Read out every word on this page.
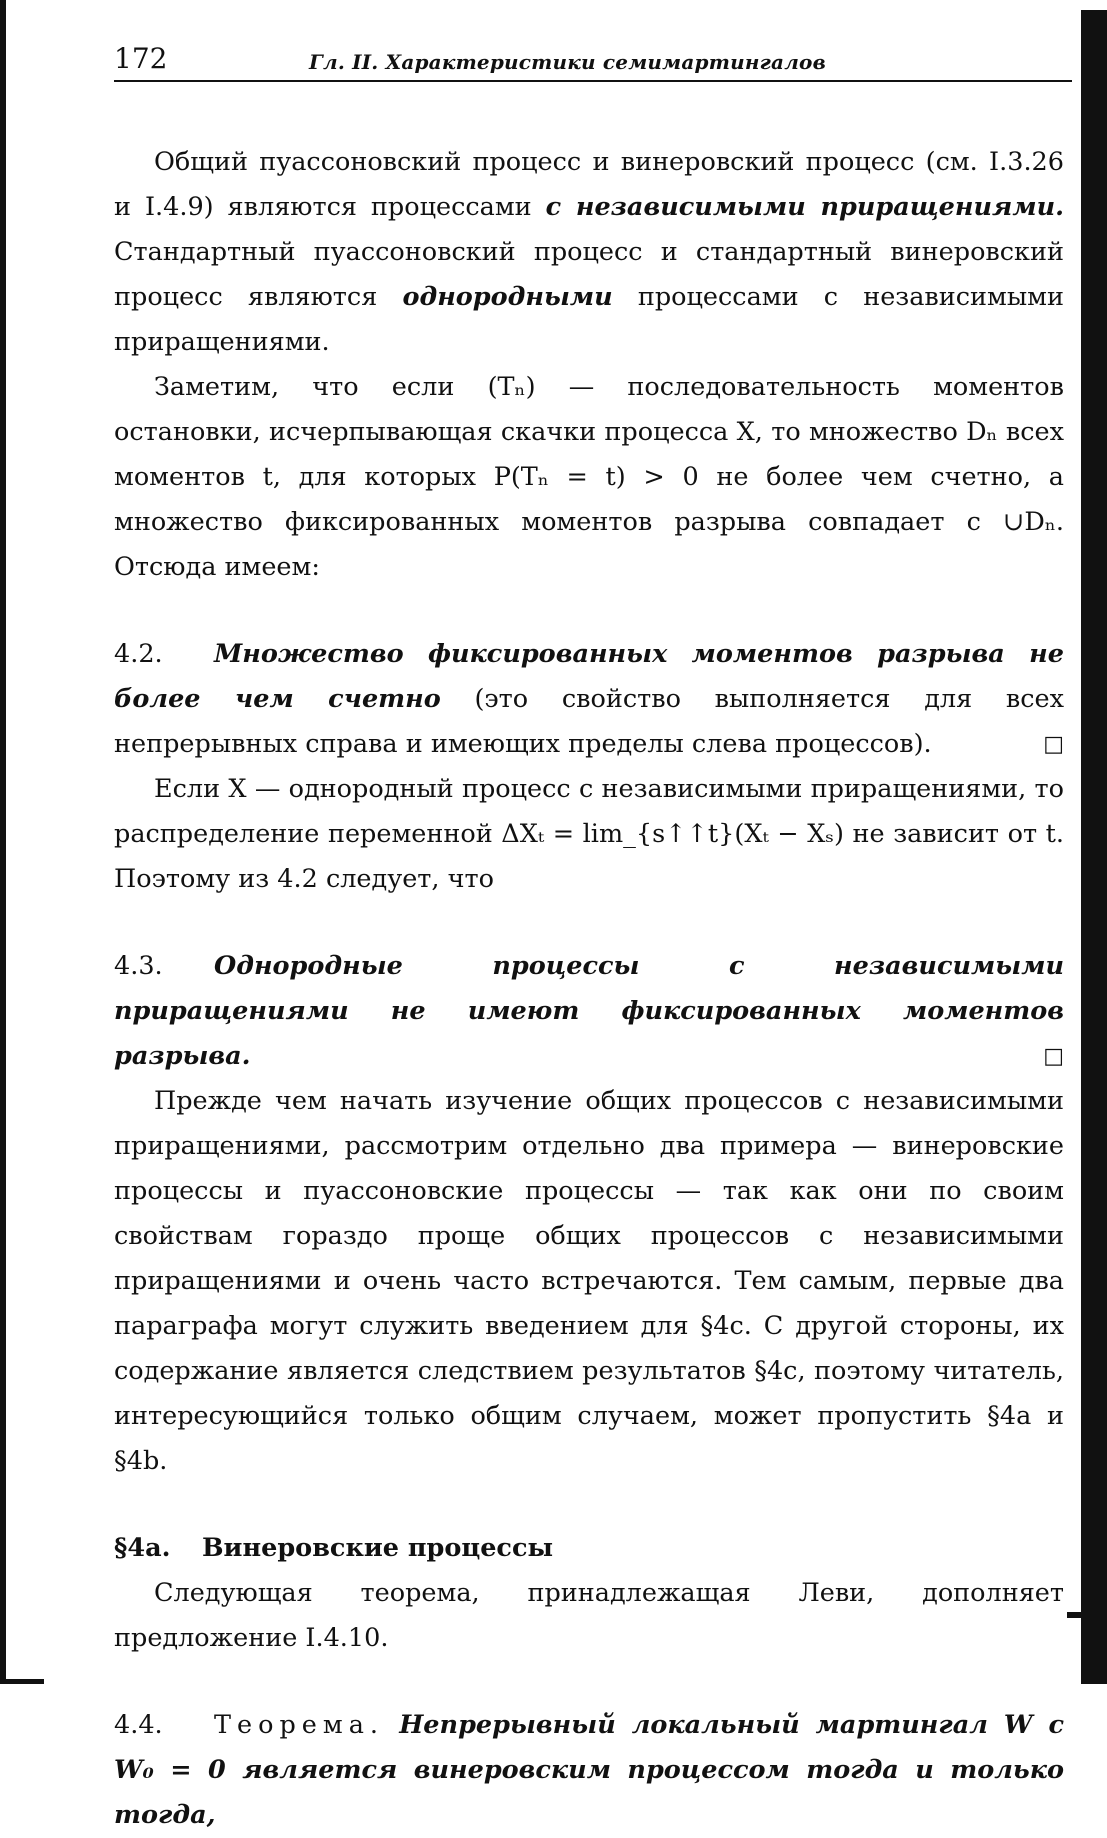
172	Гл. II. Характеристики семимартингалов

Общий пуассоновский процесс и винеровский процесс (см. I.3.26 и I.4.9) являются процессами с независимыми приращениями. Стандартный пуассоновский процесс и стандартный винеровский процесс являются однородными процессами с независимыми приращениями.

Заметим, что если (Tₙ) — последовательность моментов остановки, исчерпывающая скачки процесса X, то множество Dₙ всех моментов t, для которых P(Tₙ = t) > 0 не более чем счетно, а множество фиксированных моментов разрыва совпадает с ∪Dₙ. Отсюда имеем:

4.2. Множество фиксированных моментов разрыва не более чем счетно (это свойство выполняется для всех непрерывных справа и имеющих пределы слева процессов).	□

Если X — однородный процесс с независимыми приращениями, то распределение переменной ΔXₜ = lim_{s↑↑t}(Xₜ − Xₛ) не зависит от t. Поэтому из 4.2 следует, что

4.3. Однородные процессы с независимыми приращениями не имеют фиксированных моментов разрыва.	□

Прежде чем начать изучение общих процессов с независимыми приращениями, рассмотрим отдельно два примера — винеровские процессы и пуассоновские процессы — так как они по своим свойствам гораздо проще общих процессов с независимыми приращениями и очень часто встречаются. Тем самым, первые два параграфа могут служить введением для §4c. С другой стороны, их содержание является следствием результатов §4c, поэтому читатель, интересующийся только общим случаем, может пропустить §4a и §4b.

§4a. Винеровские процессы

Следующая теорема, принадлежащая Леви, дополняет предложение I.4.10.

4.4. Теорема. Непрерывный локальный мартингал W с W₀ = 0 является винеровским процессом тогда и только тогда,
